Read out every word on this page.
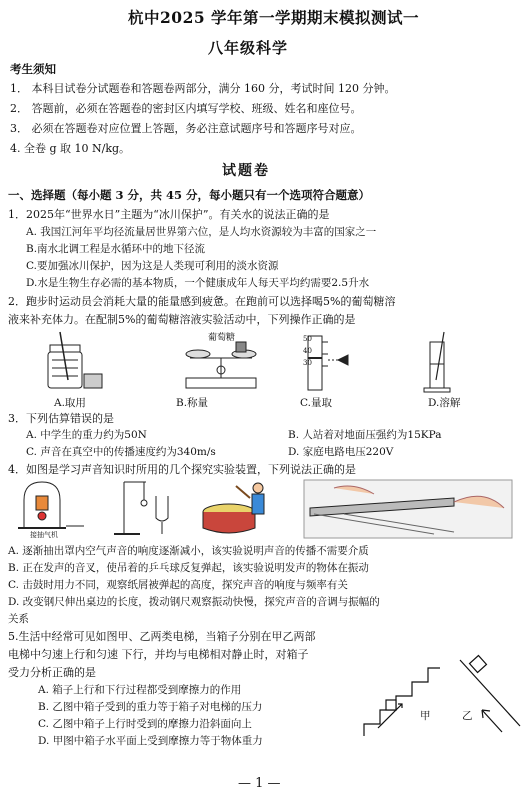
杭中2025 学年第一学期期末模拟测试一
八年级科学
考生须知
1． 本科目试卷分试题卷和答题卷两部分，满分 160 分，考试时间 120 分钟。
2． 答题前，必须在答题卷的密封区内填写学校、班级、姓名和座位号。
3． 必须在答题卷对应位置上答题，务必注意试题序号和答题序号对应。
4. 全卷 g 取 10 N/kg。
试题卷
一、选择题（每小题 3 分，共 45 分，每小题只有一个选项符合题意）
1．2025年“世界水日”主题为“冰川保护”。有关水的说法正确的是
A. 我国江河年平均径流量居世界第六位，是人均水资源较为丰富的国家之一
B.南水北调工程是水循环中的地下径流
C.要加强冰川保护，因为这是人类现可利用的淡水资源
D.水是生物生存必需的基本物质，一个健康成年人每天平均约需要2.5升水
2．跑步时运动员会消耗大量的能量感到疲惫。在跑前可以选择喝5%的葡萄糖溶
液来补充体力。在配制5%的葡萄糖溶液实验活动中，下列操作正确的是
葡萄糖	50
40
30
A.取用	B.称量	C.量取	D.溶解
3．下列估算错误的是
A. 中学生的重力约为50N	B. 人站着对地面压强约为15KPa
C. 声音在真空中的传播速度约为340m/s	D. 家庭电路电压220V
4．如图是学习声音知识时所用的几个探究实验装置，下列说法正确的是
接抽气机
A. 逐渐抽出罩内空气声音的响度逐渐减小，该实验说明声音的传播不需要介质
B. 正在发声的音叉，使吊着的乒乓球反复弹起，该实验说明发声的物体在振动
C. 击鼓时用力不同，观察纸屑被弹起的高度，探究声音的响度与频率有关
D. 改变钢尺伸出桌边的长度，拨动钢尺观察振动快慢，探究声音的音调与振幅的
关系
5.生活中经常可见如图甲、乙两类电梯，当箱子分别在甲乙两部
电梯中匀速上行和匀速 下行，并均与电梯相对静止时，对箱子
受力分析正确的是
A. 箱子上行和下行过程都受到摩擦力的作用
B. 乙图中箱子受到的重力等于箱子对电梯的压力
C. 乙图中箱子上行时受到的摩擦力沿斜面向上
D. 甲图中箱子水平面上受到摩擦力等于物体重力
甲	乙
— 1 —
